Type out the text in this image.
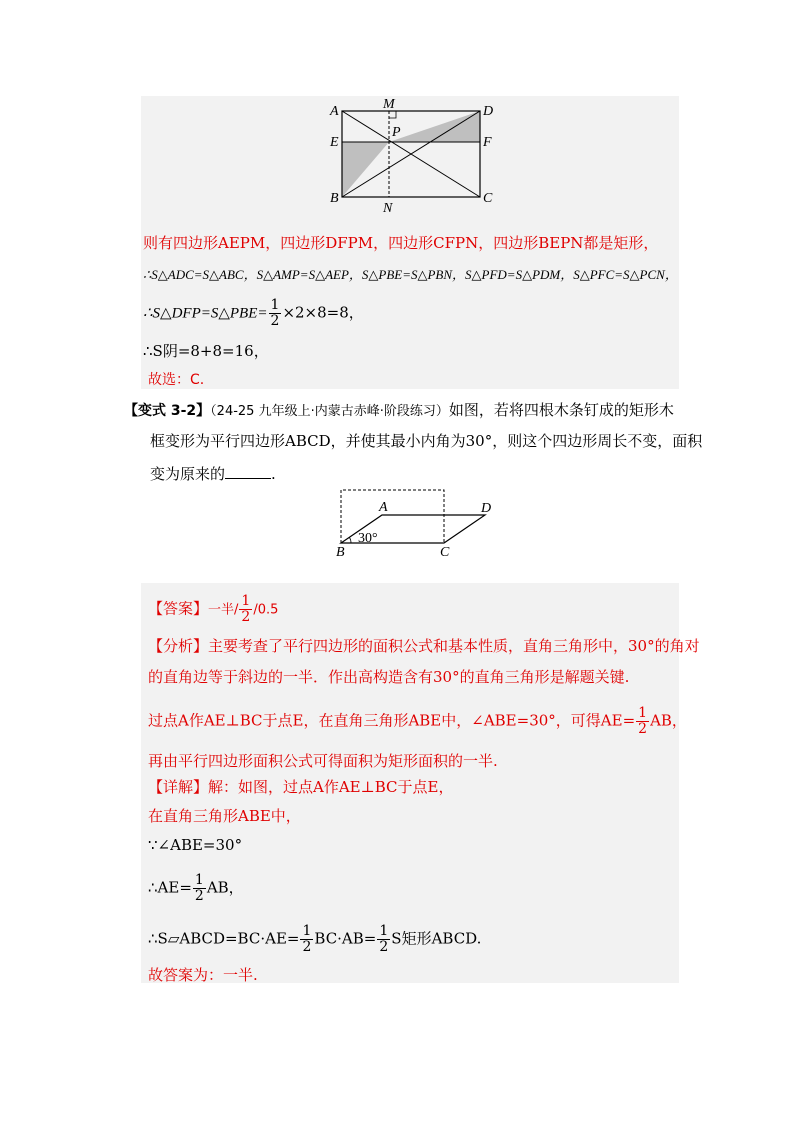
A	M	D
E
P
F
B
N
C
则有四边形AEPM，四边形DFPM，四边形CFPN，四边形BEPN都是矩形，
∴S△ADC=S△ABC，S△AMP=S△AEP，S△PBE=S△PBN，S△PFD=S△PDM，S△PFC=S△PCN，
∴S△DFP=S△PBE= $\frac{1}{2} \times 2\times 8=8$，
∴S阴=8+8=16，
故选：C.
【变式 3-2】（24-25 九年级上·内蒙古赤峰·阶段练习）如图，若将四根木条钉成的矩形木
框变形为平行四边形ABCD，并使其最小内角为30°，则这个四边形周长不变，面积
变为原来的	.
A	D
B	C
30°
【答案】一半/ $\frac{1}{2} /0.5$
【分析】主要考查了平行四边形的面积公式和基本性质，直角三角形中，30°的角对
的直角边等于斜边的一半．作出高构造含有30°的直角三角形是解题关键.
过点A作AE⊥BC于点E，在直角三角形ABE中，∠ABE=30°，可得$AE= \frac{1}{2}$ AB，
再由平行四边形面积公式可得面积为矩形面积的一半.
【详解】解：如图，过点A作AE⊥BC于点E，
在直角三角形ABE中，
∵∠ABE=30°
∴AE= $\frac{1}{2}$ AB，
∴S▱ABCD=BC·AE= $\frac{1}{2} BC\cdot AB= \frac{1}{2}$ S矩形ABCD.
故答案为：一半.
